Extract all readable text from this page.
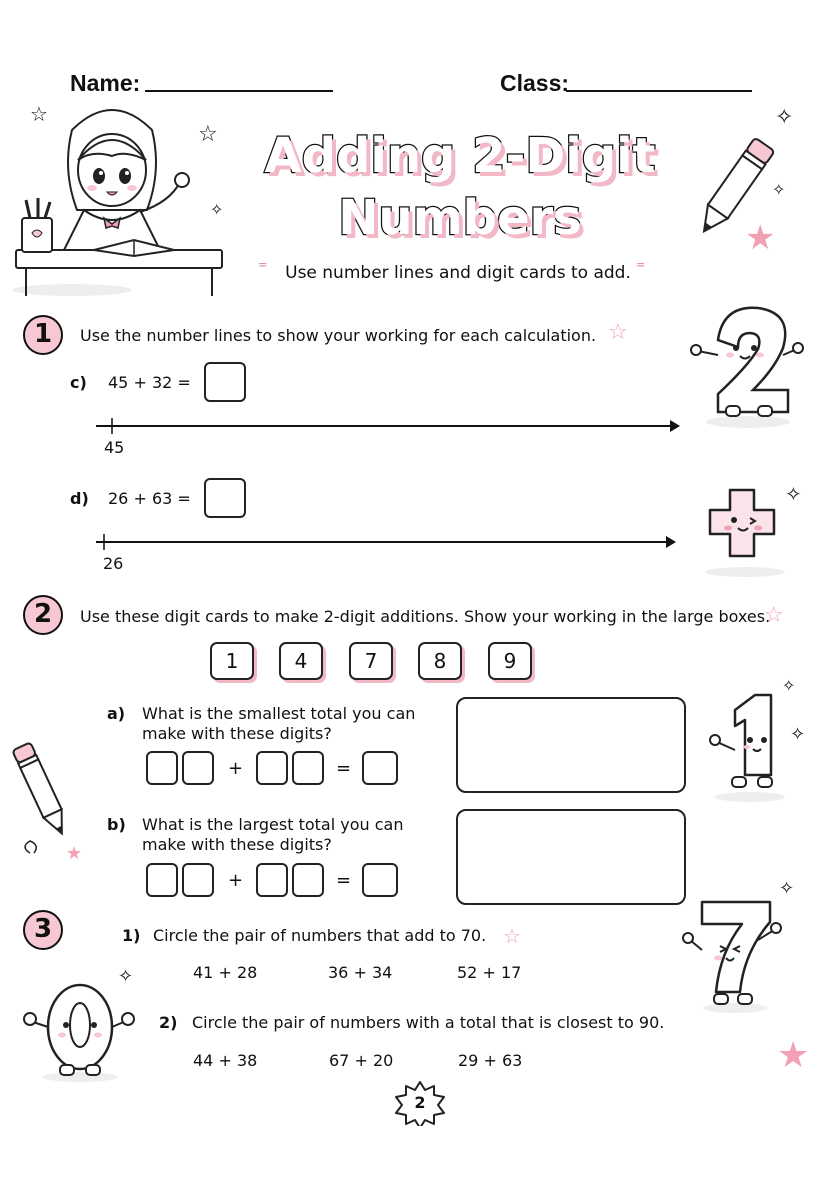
Name:	Class:
☆
☆
✧
Adding 2-Digit
Numbers
⁼	Use number lines and digit cards to add. ⁼
✧
✧
★
1	Use the number lines to show your working for each calculation. ☆
c) 45 + 32 =
45
d) 26 + 63 =
26
✧
2	Use these digit cards to make 2-digit additions. Show your working in the large boxes.
☆
1	4	7	8	9
a) What is the smallest total you can
make with these digits?
+	=
b) What is the largest total you can
make with these digits?
+	=
★
✧
✧
3	1) Circle the pair of numbers that add to 70. ☆
41 + 28	36 + 34	52 + 17
2) Circle the pair of numbers with a total that is closest to 90.
44 + 38	67 + 20	29 + 63
✧
✧
★
2
